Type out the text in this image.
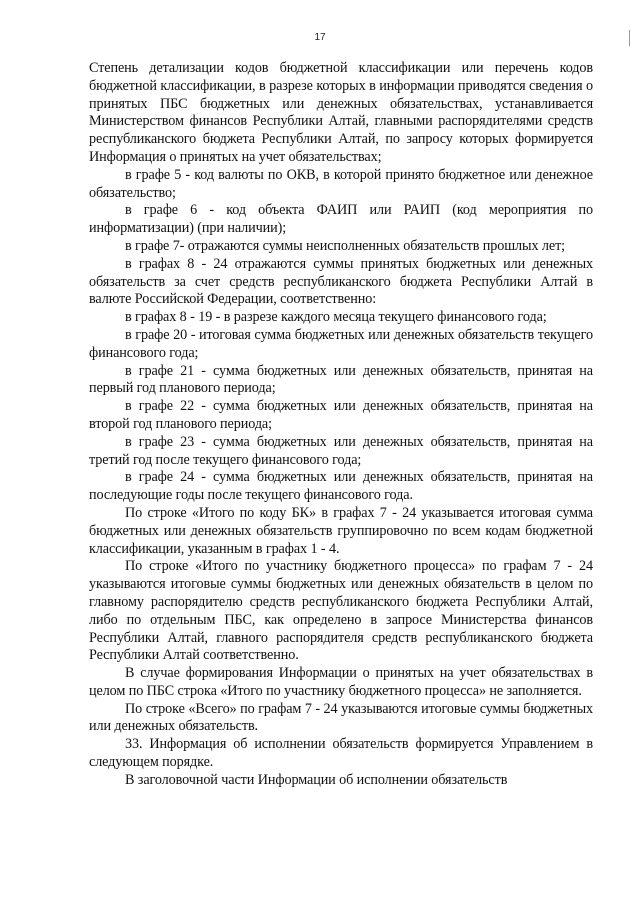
17

Степень детализации кодов бюджетной классификации или перечень кодов бюджетной классификации, в разрезе которых в информации приводятся сведения о принятых ПБС бюджетных или денежных обязательствах, устанавливается Министерством финансов Республики Алтай, главными распорядителями средств республиканского бюджета Республики Алтай, по запросу которых формируется Информация о принятых на учет обязательствах;

в графе 5 - код валюты по ОКВ, в которой принято бюджетное или денежное обязательство;

в графе 6 - код объекта ФАИП или РАИП (код мероприятия по информатизации) (при наличии);

в графе 7- отражаются суммы неисполненных обязательств прошлых лет;

в графах 8 - 24 отражаются суммы принятых бюджетных или денежных обязательств за счет средств республиканского бюджета Республики Алтай в валюте Российской Федерации, соответственно:

в графах 8 - 19 - в разрезе каждого месяца текущего финансового года;

в графе 20 - итоговая сумма бюджетных или денежных обязательств текущего финансового года;

в графе 21 - сумма бюджетных или денежных обязательств, принятая на первый год планового периода;

в графе 22 - сумма бюджетных или денежных обязательств, принятая на второй год планового периода;

в графе 23 - сумма бюджетных или денежных обязательств, принятая на третий год после текущего финансового года;

в графе 24 - сумма бюджетных или денежных обязательств, принятая на последующие годы после текущего финансового года.

По строке «Итого по коду БК» в графах 7 - 24 указывается итоговая сумма бюджетных или денежных обязательств группировочно по всем кодам бюджетной классификации, указанным в графах 1 - 4.

По строке «Итого по участнику бюджетного процесса» по графам 7 - 24 указываются итоговые суммы бюджетных или денежных обязательств в целом по главному распорядителю средств республиканского бюджета Республики Алтай, либо по отдельным ПБС, как определено в запросе Министерства финансов Республики Алтай, главного распорядителя средств республиканского бюджета Республики Алтай соответственно.

В случае формирования Информации о принятых на учет обязательствах в целом по ПБС строка «Итого по участнику бюджетного процесса» не заполняется.

По строке «Всего» по графам 7 - 24 указываются итоговые суммы бюджетных или денежных обязательств.

33. Информация об исполнении обязательств формируется Управлением в следующем порядке.

В заголовочной части Информации об исполнении обязательств
